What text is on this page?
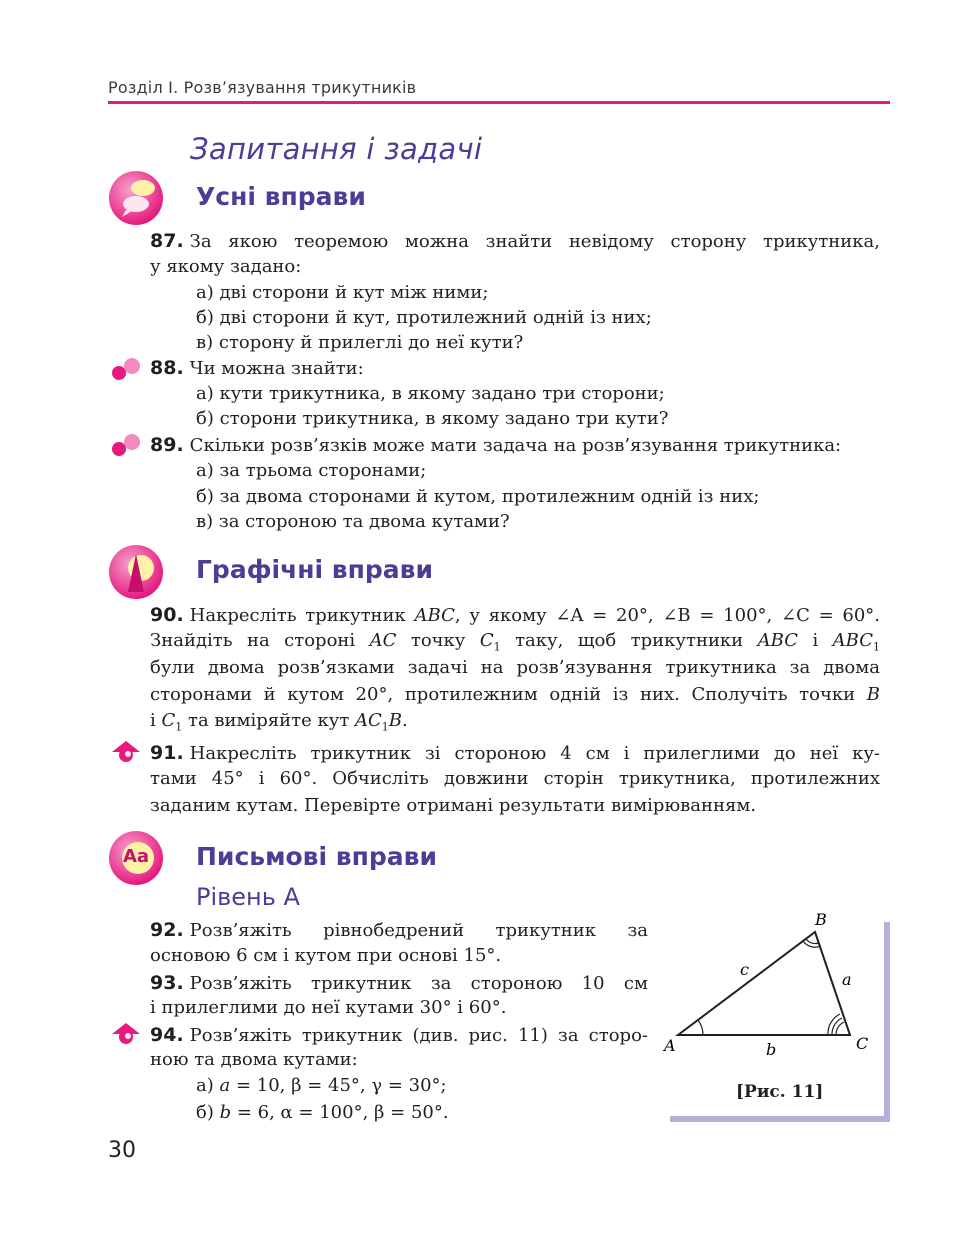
Розділ І. Розв’язування трикутників
Запитання і задачі
Усні вправи
87. За якою теоремою можна знайти невідому сторону трикутника,
у якому задано:
а) дві сторони й кут між ними;
б) дві сторони й кут, протилежний одній із них;
в) сторону й прилеглі до неї кути?
88. Чи можна знайти:
а) кути трикутника, в якому задано три сторони;
б) сторони трикутника, в якому задано три кути?
89. Скільки розв’язків може мати задача на розв’язування трикутника:
а) за трьома сторонами;
б) за двома сторонами й кутом, протилежним одній із них;
в) за стороною та двома кутами?
Графічні вправи
90. Накресліть трикутник ABC, у якому ∠A = 20°, ∠B = 100°, ∠C = 60°.
Знайдіть на стороні AC точку $C_1$ таку, щоб трикутники ABC і $ABC_1$
були двома розв’язками задачі на розв’язування трикутника за двома
сторонами й кутом 20°, протилежним одній із них. Сполучіть точки B
і $C_1$ та виміряйте кут $AC_1B$.
91. Накресліть трикутник зі стороною 4 см і прилеглими до неї ку-
тами 45° і 60°. Обчисліть довжини сторін трикутника, протилежних
заданим кутам. Перевірте отримані результати вимірюванням.
Aa Письмові вправи
Рівень А
92. Розв’яжіть рівнобедрений трикутник за
основою 6 см і кутом при основі 15°.
93. Розв’яжіть трикутник за стороною 10 см
і прилеглими до неї кутами 30° і 60°.
94. Розв’яжіть трикутник (див. рис. 11) за сторо-
ною та двома кутами:
а) a = 10, β = 45°, γ = 30°;
б) b = 6, α = 100°, β = 50°.
A
B
C
a
b
c
[Рис. 11]
30
